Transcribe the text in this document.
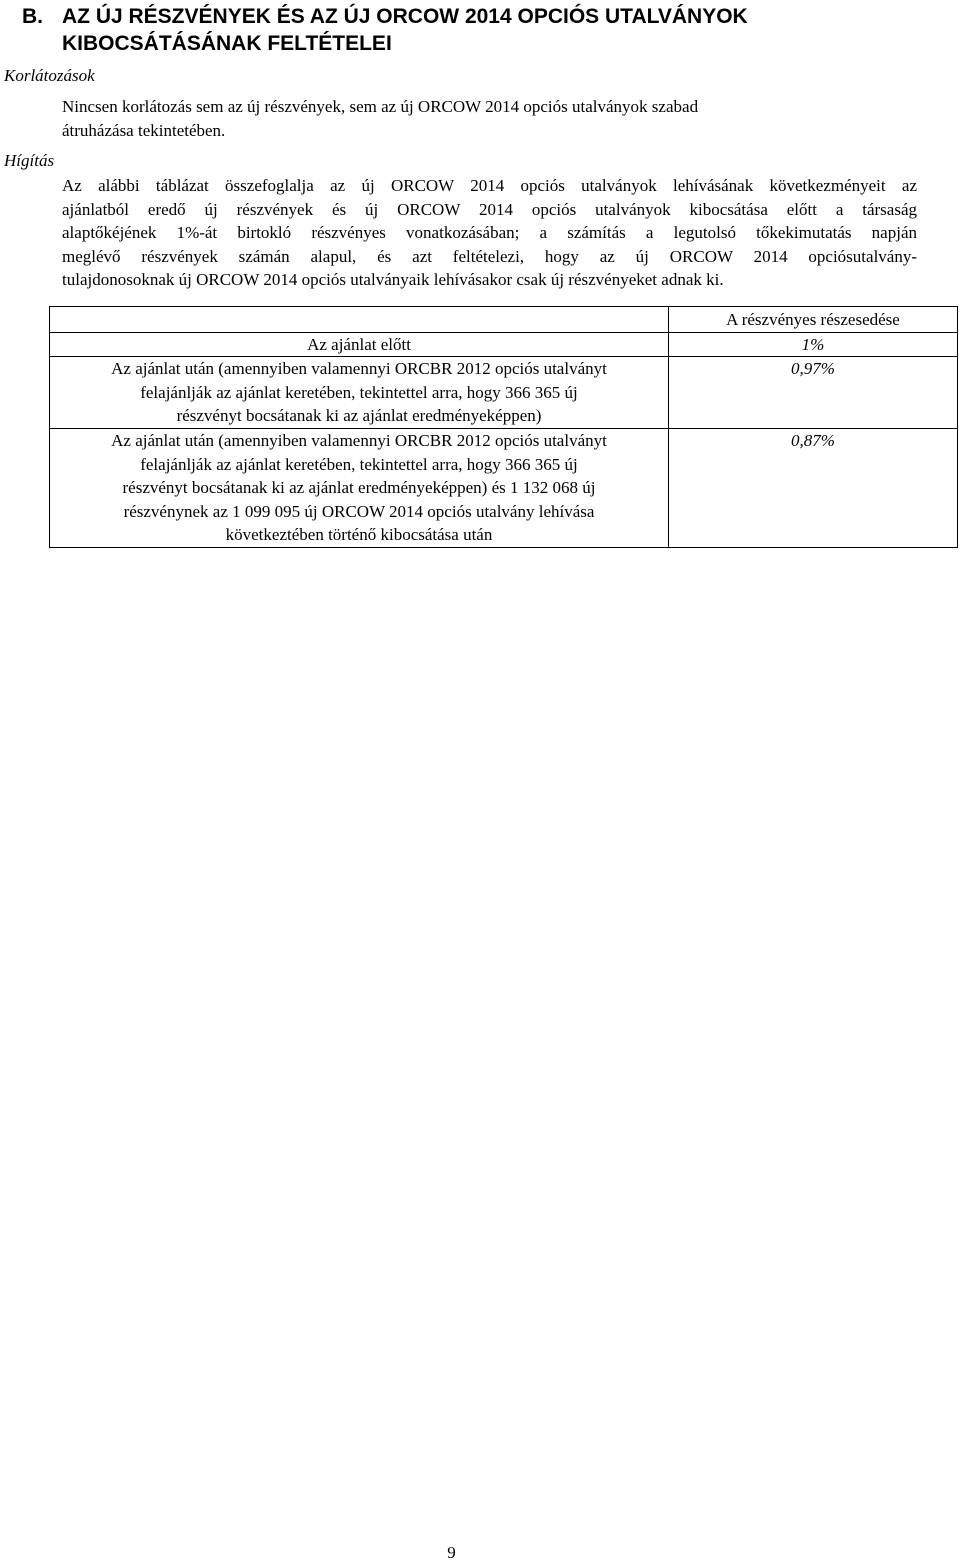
B. AZ ÚJ RÉSZVÉNYEK ÉS AZ ÚJ ORCOW 2014 OPCIÓS UTALVÁNYOK
KIBOCSÁTÁSÁNAK FELTÉTELEI
Korlátozások
Nincsen korlátozás sem az új részvények, sem az új ORCOW 2014 opciós utalványok szabad
átruházása tekintetében.
Hígítás
Az alábbi táblázat összefoglalja az új ORCOW 2014 opciós utalványok lehívásának következményeit az
ajánlatból eredő új részvények és új ORCOW 2014 opciós utalványok kibocsátása előtt a társaság
alaptőkéjének 1%-át birtokló részvényes vonatkozásában; a számítás a legutolsó tőkekimutatás napján
meglévő részvények számán alapul, és azt feltételezi, hogy az új ORCOW 2014 opciósutalvány-
tulajdonosoknak új ORCOW 2014 opciós utalványaik lehívásakor csak új részvényeket adnak ki.
	A részvényes részesedése

Az ajánlat előtt	1%

Az ajánlat után (amennyiben valamennyi ORCBR 2012 opciós utalványt
felajánlják az ajánlat keretében, tekintettel arra, hogy 366 365 új
részvényt bocsátanak ki az ajánlat eredményeképpen)	0,97%

Az ajánlat után (amennyiben valamennyi ORCBR 2012 opciós utalványt
felajánlják az ajánlat keretében, tekintettel arra, hogy 366 365 új
részvényt bocsátanak ki az ajánlat eredményeképpen) és 1 132 068 új
részvénynek az 1 099 095 új ORCOW 2014 opciós utalvány lehívása
következtében történő kibocsátása után	0,87%
9
